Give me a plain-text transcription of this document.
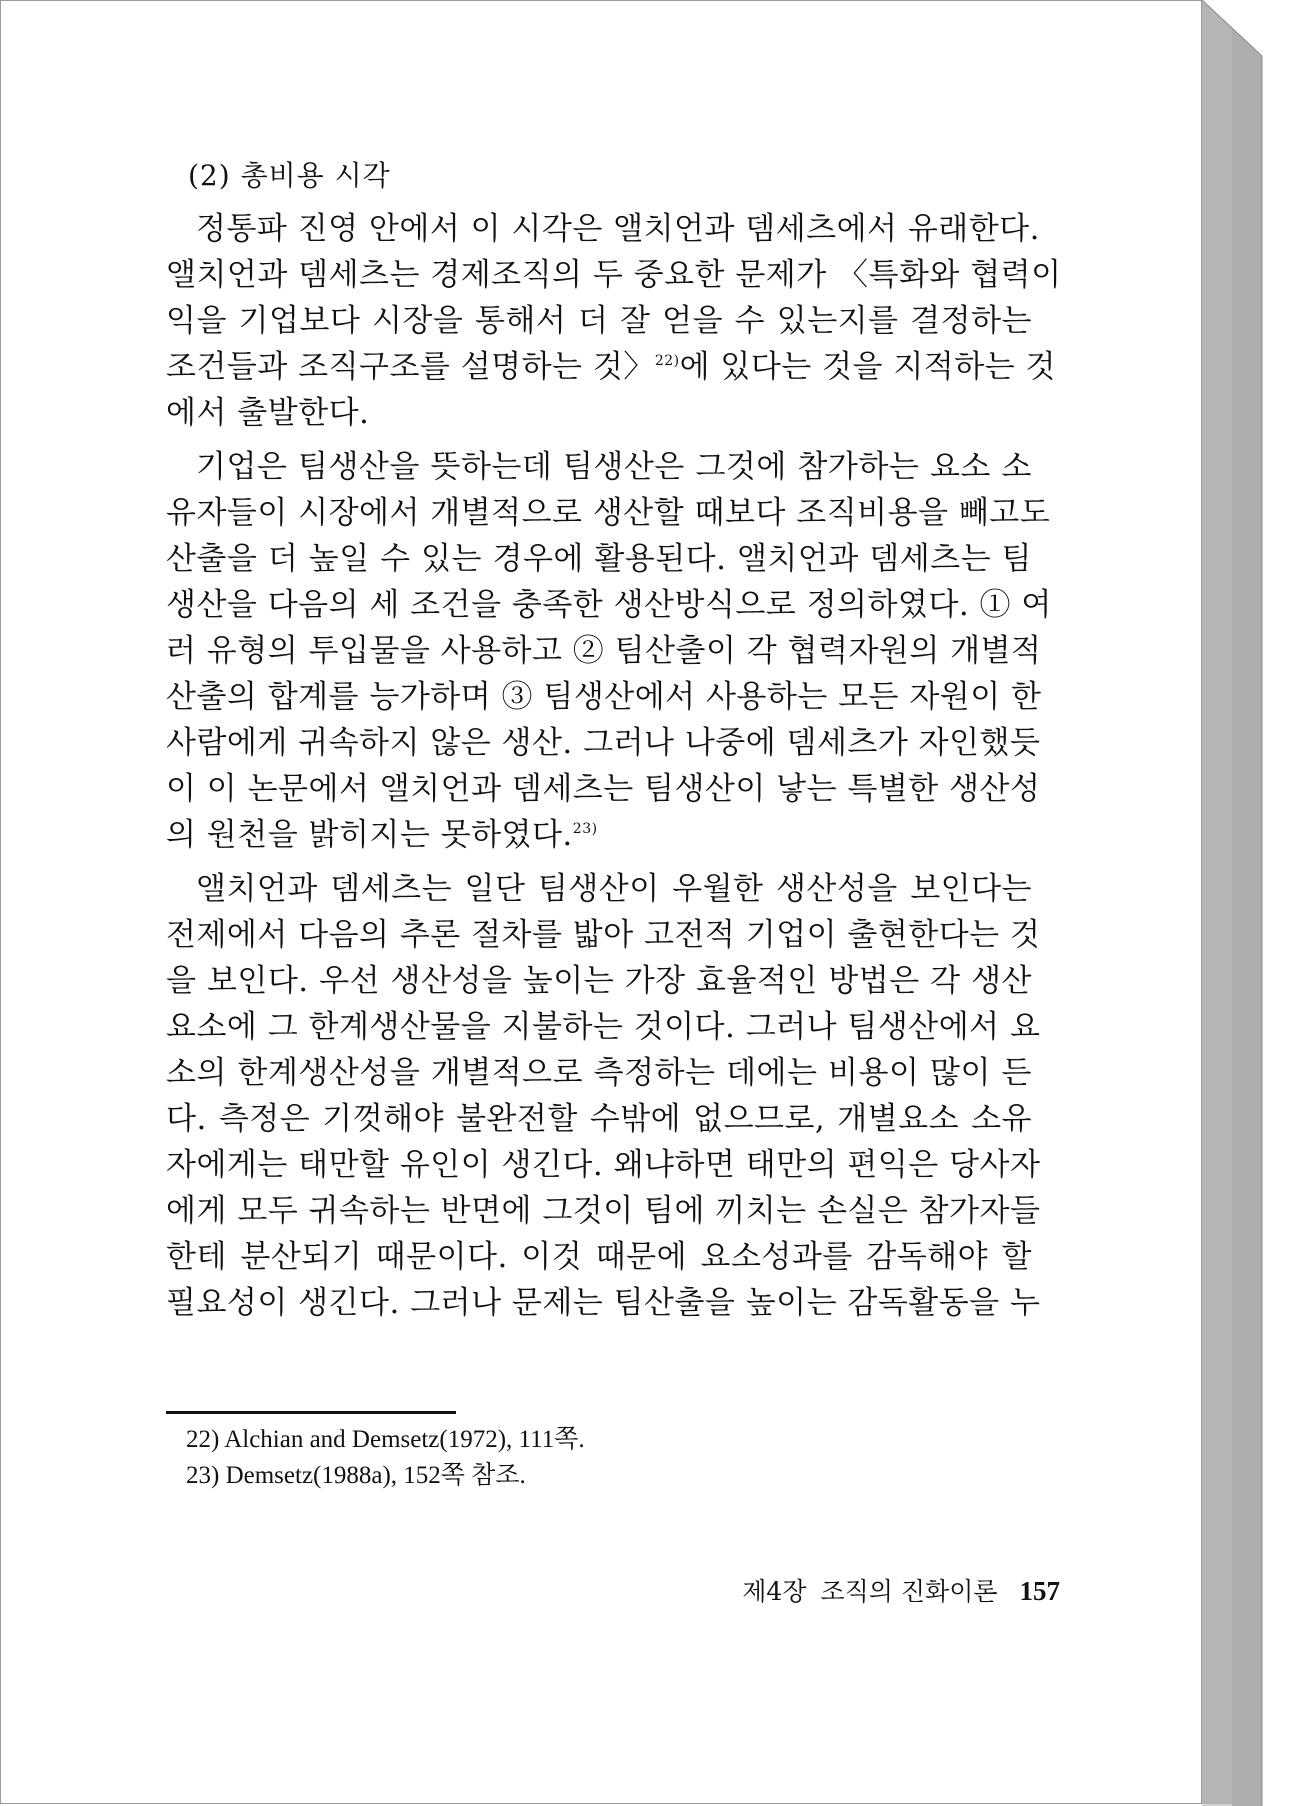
(2) 총비용 시각
정통파 진영 안에서 이 시각은 앨치언과 뎀세츠에서 유래한다.
앨치언과 뎀세츠는 경제조직의 두 중요한 문제가 〈특화와 협력이
익을 기업보다 시장을 통해서 더 잘 얻을 수 있는지를 결정하는
조건들과 조직구조를 설명하는 것〉$^{22)}$에 있다는 것을 지적하는 것
에서 출발한다.
기업은 팀생산을 뜻하는데 팀생산은 그것에 참가하는 요소 소
유자들이 시장에서 개별적으로 생산할 때보다 조직비용을 빼고도
산출을 더 높일 수 있는 경우에 활용된다. 앨치언과 뎀세츠는 팀
생산을 다음의 세 조건을 충족한 생산방식으로 정의하였다. ① 여
러 유형의 투입물을 사용하고 ② 팀산출이 각 협력자원의 개별적
산출의 합계를 능가하며 ③ 팀생산에서 사용하는 모든 자원이 한
사람에게 귀속하지 않은 생산. 그러나 나중에 뎀세츠가 자인했듯
이 이 논문에서 앨치언과 뎀세츠는 팀생산이 낳는 특별한 생산성
의 원천을 밝히지는 못하였다.$^{23)}$
앨치언과 뎀세츠는 일단 팀생산이 우월한 생산성을 보인다는
전제에서 다음의 추론 절차를 밟아 고전적 기업이 출현한다는 것
을 보인다. 우선 생산성을 높이는 가장 효율적인 방법은 각 생산
요소에 그 한계생산물을 지불하는 것이다. 그러나 팀생산에서 요
소의 한계생산성을 개별적으로 측정하는 데에는 비용이 많이 든
다. 측정은 기껏해야 불완전할 수밖에 없으므로, 개별요소 소유
자에게는 태만할 유인이 생긴다. 왜냐하면 태만의 편익은 당사자
에게 모두 귀속하는 반면에 그것이 팀에 끼치는 손실은 참가자들
한테 분산되기 때문이다. 이것 때문에 요소성과를 감독해야 할
필요성이 생긴다. 그러나 문제는 팀산출을 높이는 감독활동을 누
22) Alchian and Demsetz(1972), 111쪽.
23) Demsetz(1988a), 152쪽 참조.
제4장 조직의 진화이론 157
